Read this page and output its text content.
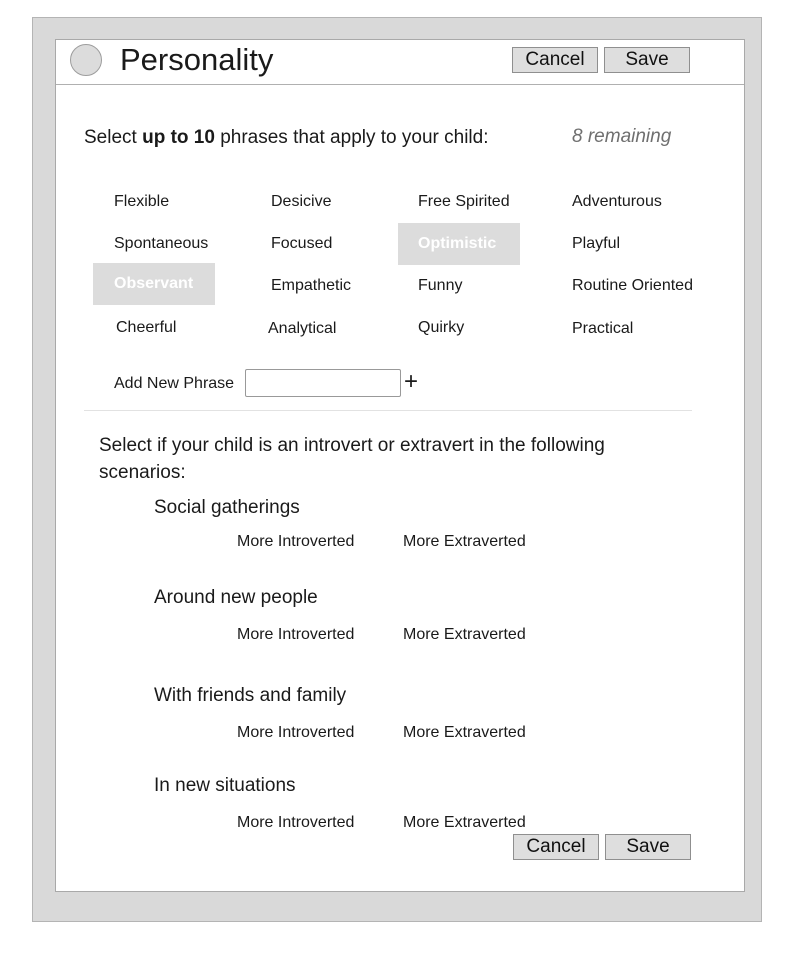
Personality	Cancel	Save
Select up to 10 phrases that apply to your child:	8 remaining
Flexible	Desicive	Free Spirited	Adventurous
Spontaneous	Focused	Optimistic	Playful
Observant	Empathetic	Funny	Routine Oriented
Cheerful	Analytical	Quirky	Practical
Add New Phrase	+
Select if your child is an introvert or extravert in the following scenarios:
Social gatherings
More Introverted	More Extraverted
Around new people
More Introverted	More Extraverted
With friends and family
More Introverted	More Extraverted
In new situations
More Introverted	More Extraverted
Cancel	Save
